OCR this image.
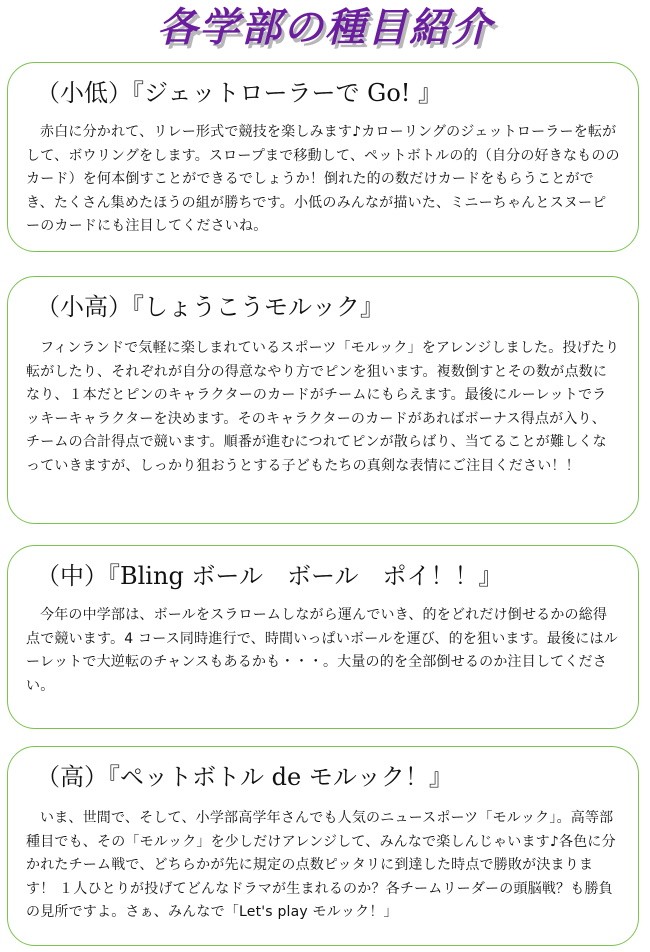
各学部の種目紹介
（小低）『ジェットローラーで Go! 』
赤白に分かれて、リレー形式で競技を楽しみます♪カローリングのジェットローラーを転がして、ボウリングをします。スロープまで移動して、ペットボトルの的（自分の好きなもののカード）を何本倒すことができるでしょうか！倒れた的の数だけカードをもらうことができ、たくさん集めたほうの組が勝ちです。小低のみんなが描いた、ミニーちゃんとスヌーピーのカードにも注目してくださいね。
（小高）『しょうこうモルック』
フィンランドで気軽に楽しまれているスポーツ「モルック」をアレンジしました。投げたり転がしたり、それぞれが自分の得意なやり方でピンを狙います。複数倒すとその数が点数になり、１本だとピンのキャラクターのカードがチームにもらえます。最後にルーレットでラッキーキャラクターを決めます。そのキャラクターのカードがあればボーナス得点が入り、チームの合計得点で競います。順番が進むにつれてピンが散らばり、当てることが難しくなっていきますが、しっかり狙おうとする子どもたちの真剣な表情にご注目ください！！
（中）『Bling ボール　ボール　ポイ！！』
今年の中学部は、ボールをスラロームしながら運んでいき、的をどれだけ倒せるかの総得点で競います。4 コース同時進行で、時間いっぱいボールを運び、的を狙います。最後にはルーレットで大逆転のチャンスもあるかも・・・。大量の的を全部倒せるのか注目してください。
（高）『ペットボトル de モルック！』
いま、世間で、そして、小学部高学年さんでも人気のニュースポーツ「モルック」。高等部種目でも、その「モルック」を少しだけアレンジして、みんなで楽しんじゃいます♪各色に分かれたチーム戦で、どちらかが先に規定の点数ピッタリに到達した時点で勝敗が決まります！ １人ひとりが投げてどんなドラマが生まれるのか？各チームリーダーの頭脳戦？も勝負の見所ですよ。さぁ、みんなで「Let's play モルック！」
